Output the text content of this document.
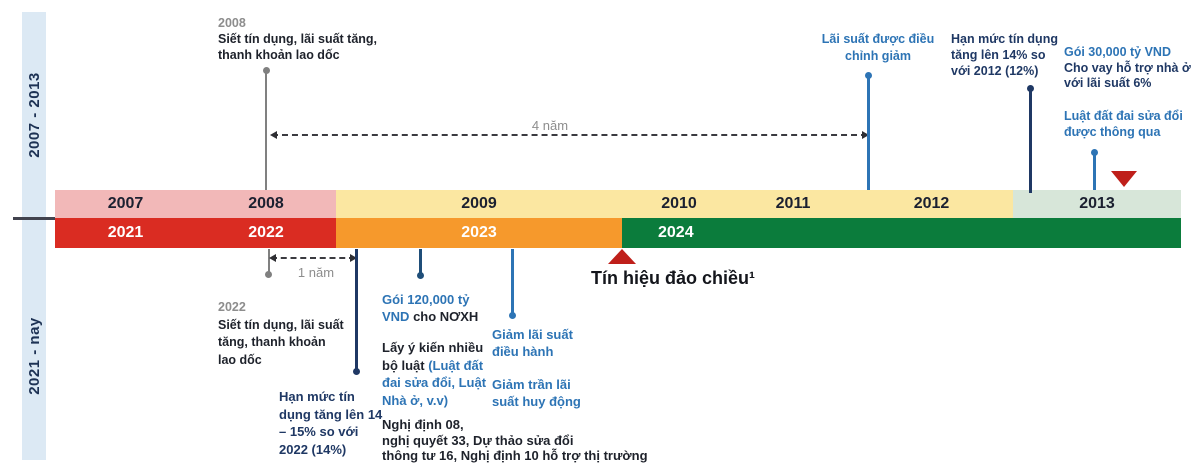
2007 - 2013
2021 - nay
2007	2008	2009	2010	2011	2012	2013
2021	2022	2023	2024
2008
Siết tín dụng, lãi suất tăng,
thanh khoản lao dốc
4 năm
Lãi suất được điều
chỉnh giảm
Hạn mức tín dụng
tăng lên 14% so
với 2012 (12%)
Gói 30,000 tỷ VND
Cho vay hỗ trợ nhà ở
với lãi suất 6%
Luật đất đai sửa đổi
được thông qua
1 năm
2022
Siết tín dụng, lãi suất
tăng, thanh khoản
lao dốc
Hạn mức tín
dụng tăng lên 14
– 15% so với
2022 (14%)
Gói 120,000 tỷ
VND cho NƠXH
Lấy ý kiến nhiều
bộ luật (Luật đất
đai sửa đổi, Luật
Nhà ở, v.v)
Nghị định 08,
nghị quyết 33, Dự thảo sửa đổi
thông tư 16, Nghị định 10 hỗ trợ thị trường
Giảm lãi suất
điều hành
Giảm trần lãi
suất huy động
Tín hiệu đảo chiều¹
